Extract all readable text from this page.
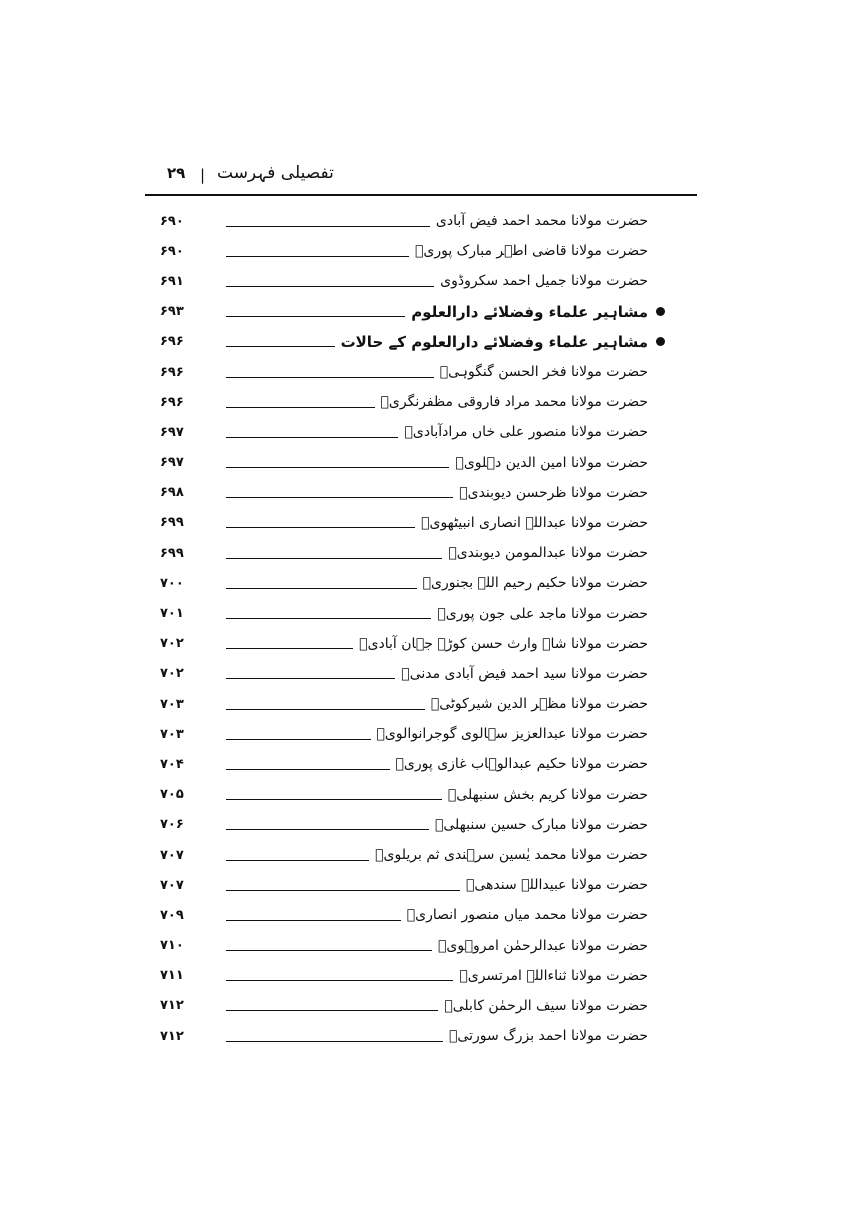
۲۹ | تفصیلی فہرست
حضرت مولانا محمد احمد فیض آبادی
۶۹۰
حضرت مولانا قاضی اطہر مبارک پوریؒ
۶۹۰
حضرت مولانا جمیل احمد سکروڈوی
۶۹۱
مشاہیر علماء وفضلائے دارالعلوم
۶۹۳
مشاہیر علماء وفضلائے دارالعلوم کے حالات
۶۹۶
حضرت مولانا فخر الحسن گنگوہیؒ
۶۹۶
حضرت مولانا محمد مراد فاروقی مظفرنگریؒ
۶۹۶
حضرت مولانا منصور علی خاں مرادآبادیؒ
۶۹۷
حضرت مولانا امین الدین دہلویؒ
۶۹۷
حضرت مولانا ظرحسن دیوبندیؒ
۶۹۸
حضرت مولانا عبداللہ انصاری انبیٹھویؒ
۶۹۹
حضرت مولانا عبدالمومن دیوبندیؒ
۶۹۹
حضرت مولانا حکیم رحیم اللہ بجنوریؒ
۷۰۰
حضرت مولانا ماجد علی جون پوریؒ
۷۰۱
حضرت مولانا شاہ وارث حسن کوڑہ جہان آبادیؒ
۷۰۲
حضرت مولانا سید احمد فیض آبادی مدنیؒ
۷۰۲
حضرت مولانا مظہر الدین شیرکوٹیؒ
۷۰۳
حضرت مولانا عبدالعزیز سہالوی گوجرانوالویؒ
۷۰۳
حضرت مولانا حکیم عبدالوہاب غازی پوریؒ
۷۰۴
حضرت مولانا کریم بخش سنبھلیؒ
۷۰۵
حضرت مولانا مبارک حسین سنبھلیؒ
۷۰۶
حضرت مولانا محمد یٰسین سرہندی ثم بریلویؒ
۷۰۷
حضرت مولانا عبیداللہ سندھیؒ
۷۰۷
حضرت مولانا محمد میاں منصور انصاریؒ
۷۰۹
حضرت مولانا عبدالرحمٰن امروہویؒ
۷۱۰
حضرت مولانا ثناءاللہ امرتسریؒ
۷۱۱
حضرت مولانا سیف الرحمٰن کابلیؒ
۷۱۲
حضرت مولانا احمد بزرگ سورتیؒ
۷۱۲
